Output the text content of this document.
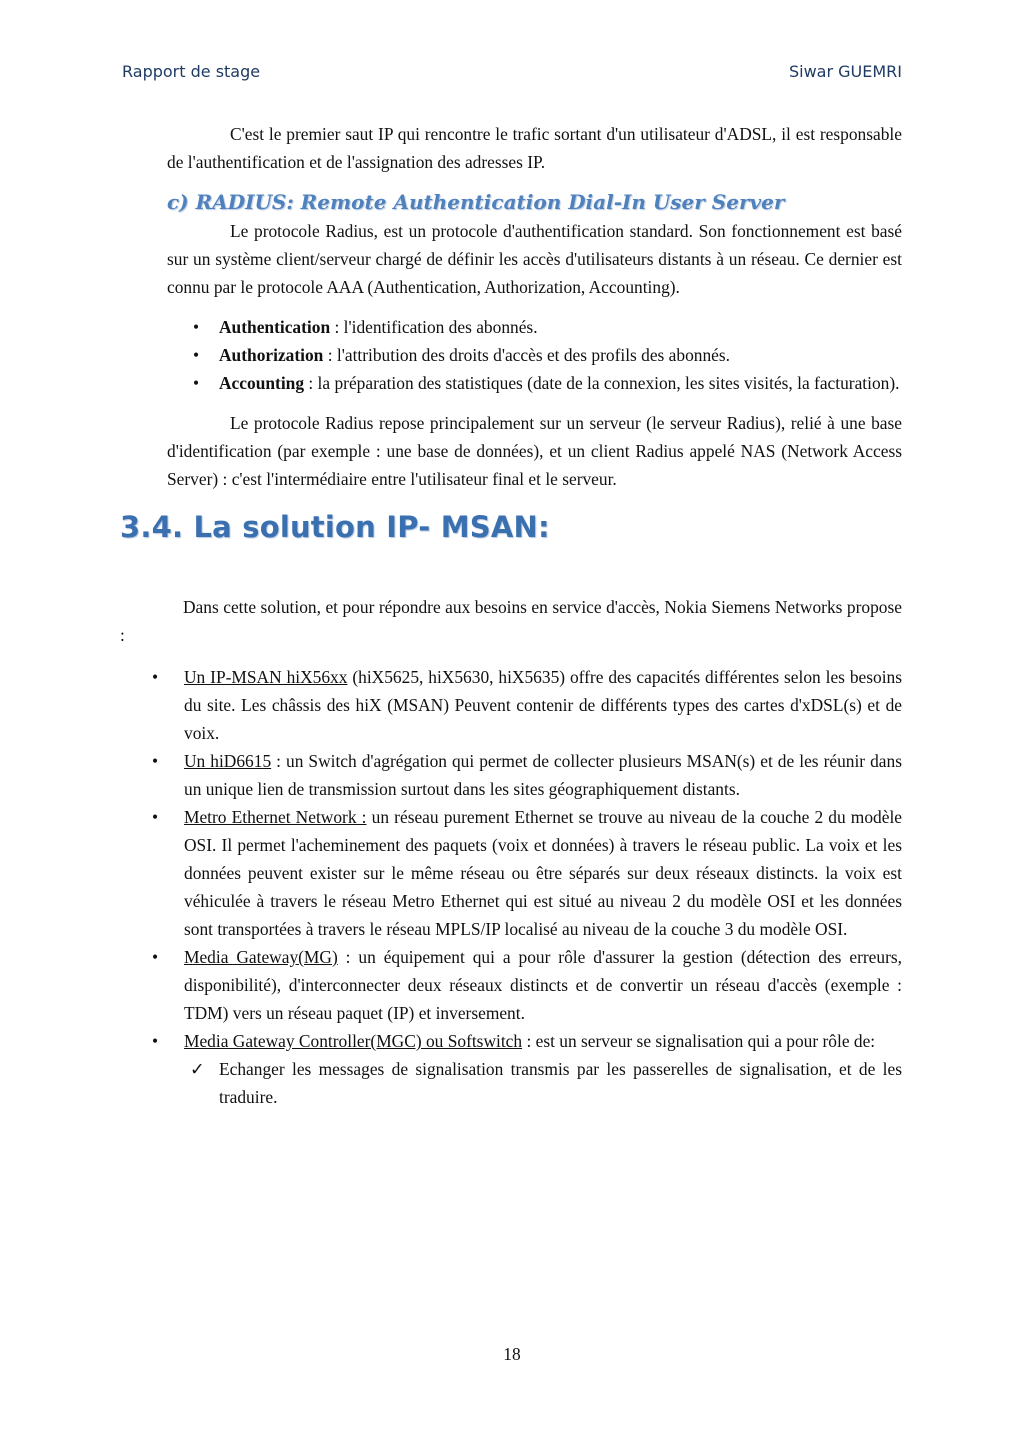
Rapport de stage	Siwar GUEMRI

C'est le premier saut IP qui rencontre le trafic sortant d'un utilisateur d'ADSL, il est responsable de l'authentification et de l'assignation des adresses IP.

c) RADIUS: Remote Authentication Dial-In User Server

Le protocole Radius, est un protocole d'authentification standard. Son fonctionnement est basé sur un système client/serveur chargé de définir les accès d'utilisateurs distants à un réseau. Ce dernier est connu par le protocole AAA (Authentication, Authorization, Accounting).

• Authentication : l'identification des abonnés.
• Authorization : l'attribution des droits d'accès et des profils des abonnés.
• Accounting : la préparation des statistiques (date de la connexion, les sites visités, la facturation).

Le protocole Radius repose principalement sur un serveur (le serveur Radius), relié à une base d'identification (par exemple : une base de données), et un client Radius appelé NAS (Network Access Server) : c'est l'intermédiaire entre l'utilisateur final et le serveur.

3.4. La solution IP- MSAN:

Dans cette solution, et pour répondre aux besoins en service d'accès, Nokia Siemens Networks propose :

• Un IP-MSAN hiX56xx (hiX5625, hiX5630, hiX5635) offre des capacités différentes selon les besoins du site. Les châssis des hiX (MSAN) Peuvent contenir de différents types des cartes d'xDSL(s) et de voix.
• Un hiD6615 : un Switch d'agrégation qui permet de collecter plusieurs MSAN(s) et de les réunir dans un unique lien de transmission surtout dans les sites géographiquement distants.
• Metro Ethernet Network : un réseau purement Ethernet se trouve au niveau de la couche 2 du modèle OSI. Il permet l'acheminement des paquets (voix et données) à travers le réseau public. La voix et les données peuvent exister sur le même réseau ou être séparés sur deux réseaux distincts. la voix est véhiculée à travers le réseau Metro Ethernet qui est situé au niveau 2 du modèle OSI et les données sont transportées à travers le réseau MPLS/IP localisé au niveau de la couche 3 du modèle OSI.
• Media Gateway(MG) : un équipement qui a pour rôle d'assurer la gestion (détection des erreurs, disponibilité), d'interconnecter deux réseaux distincts et de convertir un réseau d'accès (exemple : TDM) vers un réseau paquet (IP) et inversement.
• Media Gateway Controller(MGC) ou Softswitch : est un serveur se signalisation qui a pour rôle de:
✓ Echanger les messages de signalisation transmis par les passerelles de signalisation, et de les traduire.
18
